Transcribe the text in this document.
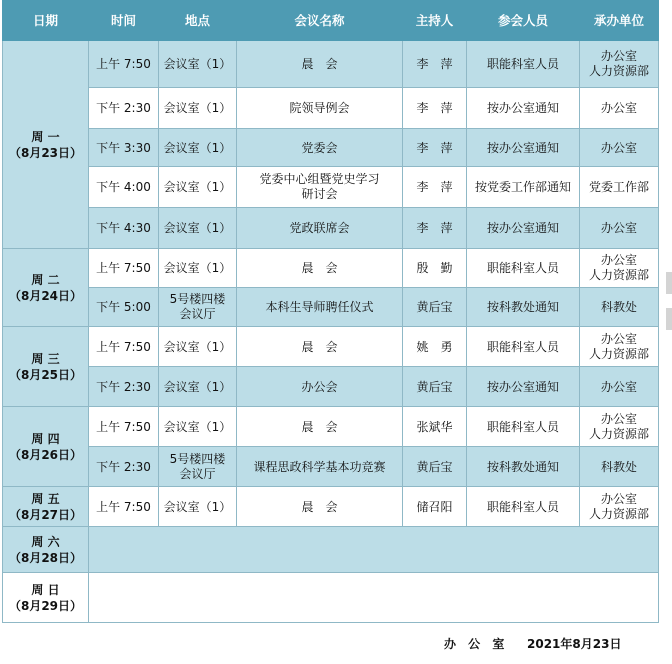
日期	时间	地点	会议名称	主持人	参会人员	承办单位

周 一
（8月23日）	上午 7:50	会议室（1）	晨　会	李　萍	职能科室人员	办公室
人力资源部

	下午 2:30	会议室（1）	院领导例会	李　萍	按办公室通知	办公室

	下午 3:30	会议室（1）	党委会	李　萍	按办公室通知	办公室

	下午 4:00	会议室（1）	党委中心组暨党史学习
研讨会	李　萍	按党委工作部通知	党委工作部

	下午 4:30	会议室（1）	党政联席会	李　萍	按办公室通知	办公室

周 二
（8月24日）	上午 7:50	会议室（1）	晨　会	殷　勤	职能科室人员	办公室
人力资源部

	下午 5:00	5号楼四楼
会议厅	本科生导师聘任仪式	黄后宝	按科教处通知	科教处

周 三
（8月25日）	上午 7:50	会议室（1）	晨　会	姚　勇	职能科室人员	办公室
人力资源部

	下午 2:30	会议室（1）	办公会	黄后宝	按办公室通知	办公室

周 四
（8月26日）	上午 7:50	会议室（1）	晨　会	张斌华	职能科室人员	办公室
人力资源部

	下午 2:30	5号楼四楼
会议厅	课程思政科学基本功竞赛	黄后宝	按科教处通知	科教处

周 五
（8月27日）	上午 7:50	会议室（1）	晨　会	储召阳	职能科室人员	办公室
人力资源部

周 六
（8月28日）						

周 日
（8月29日）						

办 公 室 2021年8月23日
